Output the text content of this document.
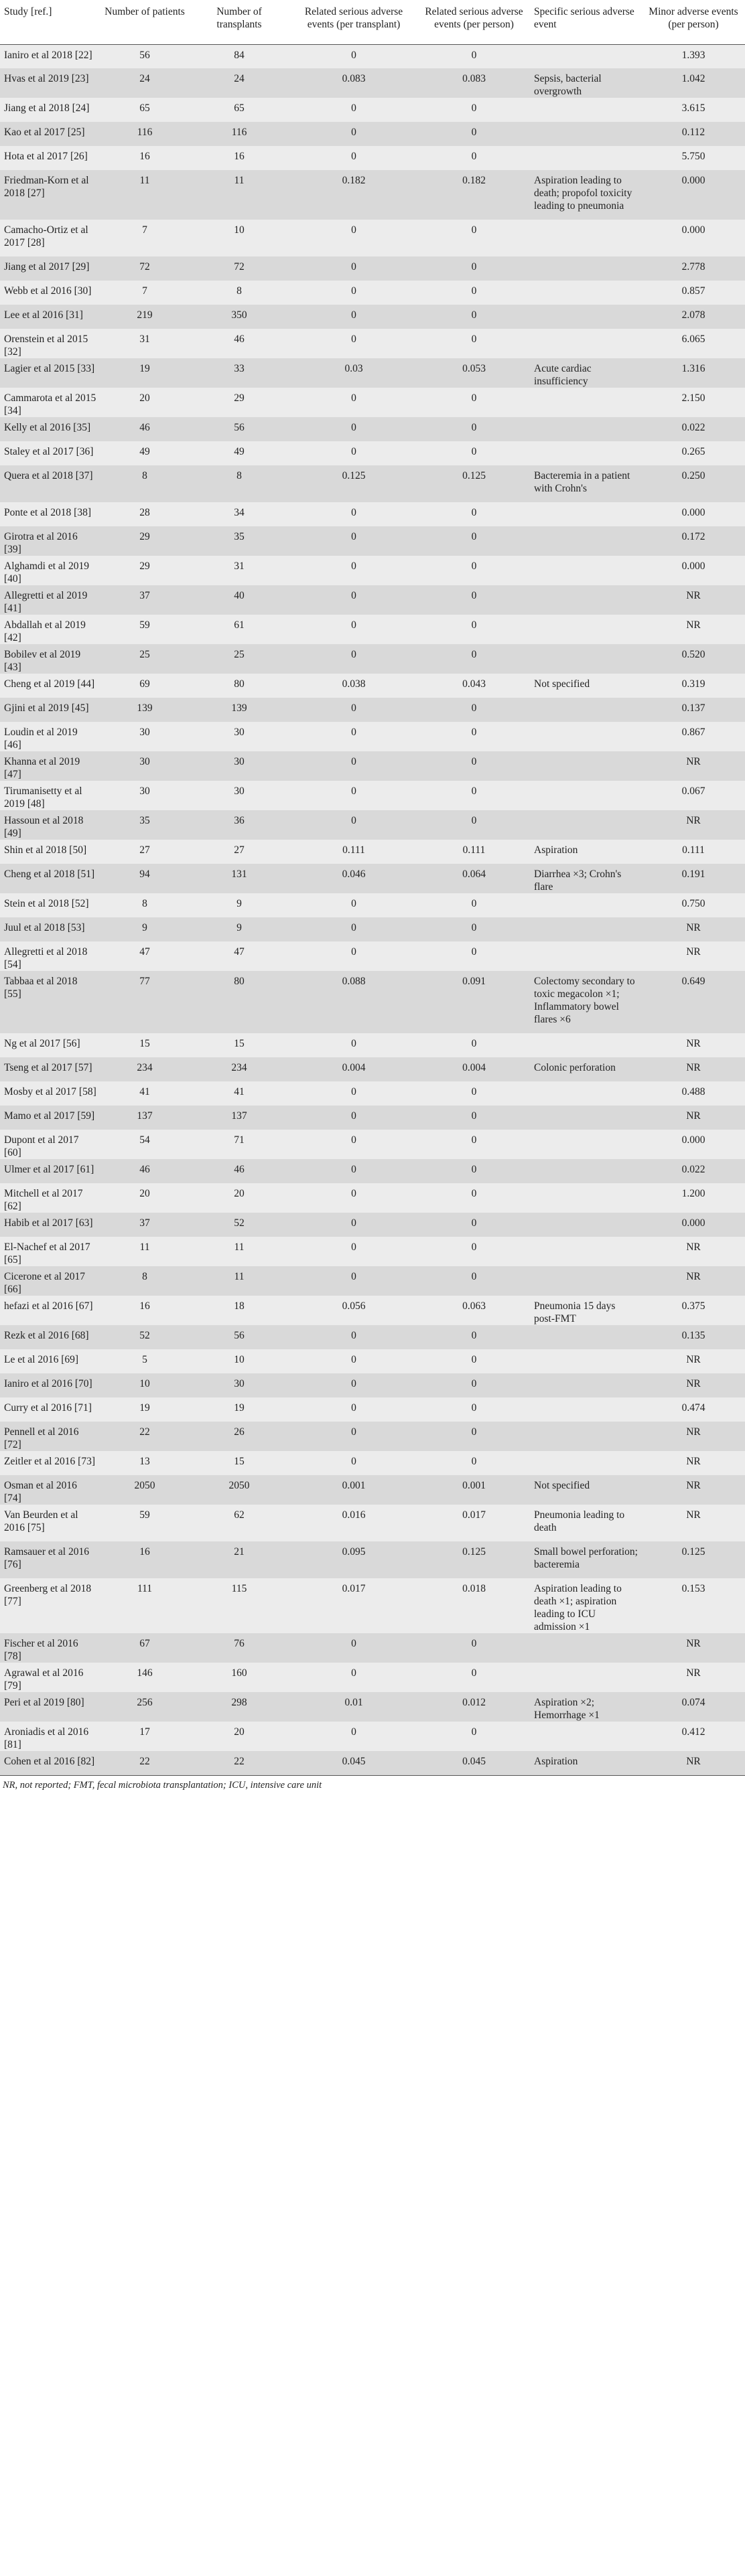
Study [ref.]	Number of patients	Number of transplants	Related serious adverse events (per transplant)	Related serious adverse events (per person)	Specific serious adverse event	Minor adverse events (per person)
Ianiro et al 2018 [22]	56	84	0	0		1.393
Hvas et al 2019 [23]	24	24	0.083	0.083	Sepsis, bacterial overgrowth	1.042
Jiang et al 2018 [24]	65	65	0	0		3.615
Kao et al 2017 [25]	116	116	0	0		0.112
Hota et al 2017 [26]	16	16	0	0		5.750
Friedman-Korn et al 2018 [27]	11	11	0.182	0.182	Aspiration leading to death; propofol toxicity leading to pneumonia	0.000
Camacho-Ortiz et al 2017 [28]	7	10	0	0		0.000
Jiang et al 2017 [29]	72	72	0	0		2.778
Webb et al 2016 [30]	7	8	0	0		0.857
Lee et al 2016 [31]	219	350	0	0		2.078
Orenstein et al 2015 [32]	31	46	0	0		6.065
Lagier et al 2015 [33]	19	33	0.03	0.053	Acute cardiac insufficiency	1.316
Cammarota et al 2015 [34]	20	29	0	0		2.150
Kelly et al 2016 [35]	46	56	0	0		0.022
Staley et al 2017 [36]	49	49	0	0		0.265
Quera et al 2018 [37]	8	8	0.125	0.125	Bacteremia in a patient with Crohn's	0.250
Ponte et al 2018 [38]	28	34	0	0		0.000
Girotra et al 2016 [39]	29	35	0	0		0.172
Alghamdi et al 2019 [40]	29	31	0	0		0.000
Allegretti et al 2019 [41]	37	40	0	0		NR
Abdallah et al 2019 [42]	59	61	0	0		NR
Bobilev et al 2019 [43]	25	25	0	0		0.520
Cheng et al 2019 [44]	69	80	0.038	0.043	Not specified	0.319
Gjini et al 2019 [45]	139	139	0	0		0.137
Loudin et al 2019 [46]	30	30	0	0		0.867
Khanna et al 2019 [47]	30	30	0	0		NR
Tirumanisetty et al 2019 [48]	30	30	0	0		0.067
Hassoun et al 2018 [49]	35	36	0	0		NR
Shin et al 2018 [50]	27	27	0.111	0.111	Aspiration	0.111
Cheng et al 2018 [51]	94	131	0.046	0.064	Diarrhea ×3; Crohn's flare	0.191
Stein et al 2018 [52]	8	9	0	0		0.750
Juul et al 2018 [53]	9	9	0	0		NR
Allegretti et al 2018 [54]	47	47	0	0		NR
Tabbaa et al 2018 [55]	77	80	0.088	0.091	Colectomy secondary to toxic megacolon ×1; Inflammatory bowel flares ×6	0.649
Ng et al 2017 [56]	15	15	0	0		NR
Tseng et al 2017 [57]	234	234	0.004	0.004	Colonic perforation	NR
Mosby et al 2017 [58]	41	41	0	0		0.488
Mamo et al 2017 [59]	137	137	0	0		NR
Dupont et al 2017 [60]	54	71	0	0		0.000
Ulmer et al 2017 [61]	46	46	0	0		0.022
Mitchell et al 2017 [62]	20	20	0	0		1.200
Habib et al 2017 [63]	37	52	0	0		0.000
El-Nachef et al 2017 [65]	11	11	0	0		NR
Cicerone et al 2017 [66]	8	11	0	0		NR
hefazi et al 2016 [67]	16	18	0.056	0.063	Pneumonia 15 days post-FMT	0.375
Rezk et al 2016 [68]	52	56	0	0		0.135
Le et al 2016 [69]	5	10	0	0		NR
Ianiro et al 2016 [70]	10	30	0	0		NR
Curry et al 2016 [71]	19	19	0	0		0.474
Pennell et al 2016 [72]	22	26	0	0		NR
Zeitler et al 2016 [73]	13	15	0	0		NR
Osman et al 2016 [74]	2050	2050	0.001	0.001	Not specified	NR
Van Beurden et al 2016 [75]	59	62	0.016	0.017	Pneumonia leading to death	NR
Ramsauer et al 2016 [76]	16	21	0.095	0.125	Small bowel perforation; bacteremia	0.125
Greenberg et al 2018 [77]	111	115	0.017	0.018	Aspiration leading to death ×1; aspiration leading to ICU admission ×1	0.153
Fischer et al 2016 [78]	67	76	0	0		NR
Agrawal et al 2016 [79]	146	160	0	0		NR
Peri et al 2019 [80]	256	298	0.01	0.012	Aspiration ×2; Hemorrhage ×1	0.074
Aroniadis et al 2016 [81]	17	20	0	0		0.412
Cohen et al 2016 [82]	22	22	0.045	0.045	Aspiration	NR
NR, not reported; FMT, fecal microbiota transplantation; ICU, intensive care unit
